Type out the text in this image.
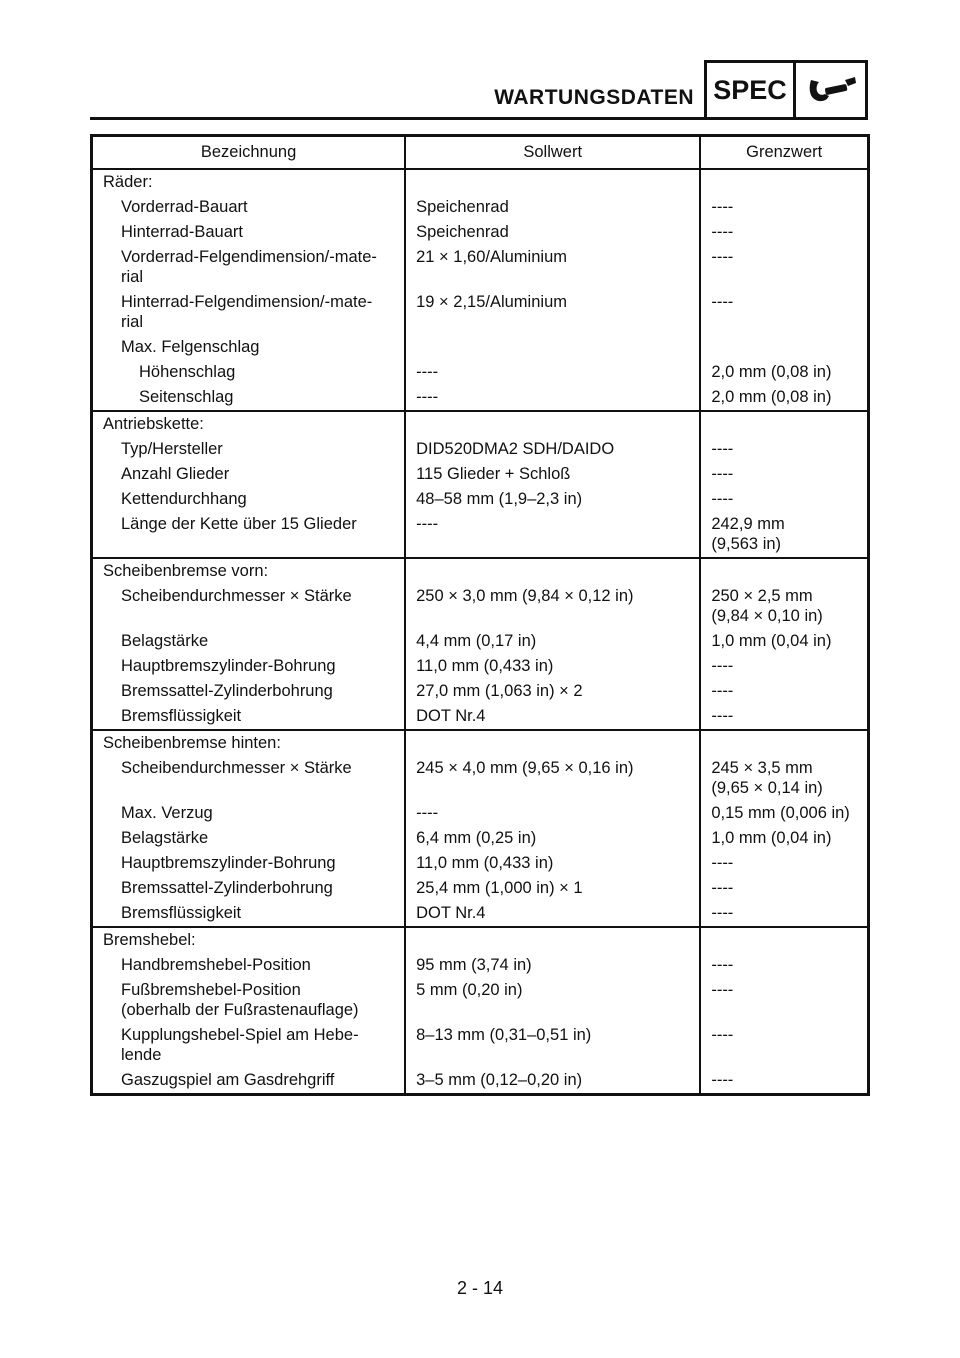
WARTUNGSDATEN SPEC
Bezeichnung	Sollwert	Grenzwert
Räder:		
Vorderrad-Bauart	Speichenrad	----
Hinterrad-Bauart	Speichenrad	----
Vorderrad-Felgendimension/-mate-
rial	21 × 1,60/Aluminium	----
Hinterrad-Felgendimension/-mate-
rial	19 × 2,15/Aluminium	----
Max. Felgenschlag		
Höhenschlag	----	2,0 mm (0,08 in)
Seitenschlag	----	2,0 mm (0,08 in)
Antriebskette:		
Typ/Hersteller	DID520DMA2 SDH/DAIDO	----
Anzahl Glieder	115 Glieder + Schloß	----
Kettendurchhang	48–58 mm (1,9–2,3 in)	----
Länge der Kette über 15 Glieder	----	242,9 mm
(9,563 in)
Scheibenbremse vorn:		
Scheibendurchmesser × Stärke	250 × 3,0 mm (9,84 × 0,12 in)	250 × 2,5 mm
(9,84 × 0,10 in)
Belagstärke	4,4 mm (0,17 in)	1,0 mm (0,04 in)
Hauptbremszylinder-Bohrung	11,0 mm (0,433 in)	----
Bremssattel-Zylinderbohrung	27,0 mm (1,063 in) × 2	----
Bremsflüssigkeit	DOT Nr.4	----
Scheibenbremse hinten:		
Scheibendurchmesser × Stärke	245 × 4,0 mm (9,65 × 0,16 in)	245 × 3,5 mm
(9,65 × 0,14 in)
Max. Verzug	----	0,15 mm (0,006 in)
Belagstärke	6,4 mm (0,25 in)	1,0 mm (0,04 in)
Hauptbremszylinder-Bohrung	11,0 mm (0,433 in)	----
Bremssattel-Zylinderbohrung	25,4 mm (1,000 in) × 1	----
Bremsflüssigkeit	DOT Nr.4	----
Bremshebel:		
Handbremshebel-Position	95 mm (3,74 in)	----
Fußbremshebel-Position
(oberhalb der Fußrastenauflage)	5 mm (0,20 in)	----
Kupplungshebel-Spiel am Hebe-
lende	8–13 mm (0,31–0,51 in)	----
Gaszugspiel am Gasdrehgriff	3–5 mm (0,12–0,20 in)	----
2 - 14
